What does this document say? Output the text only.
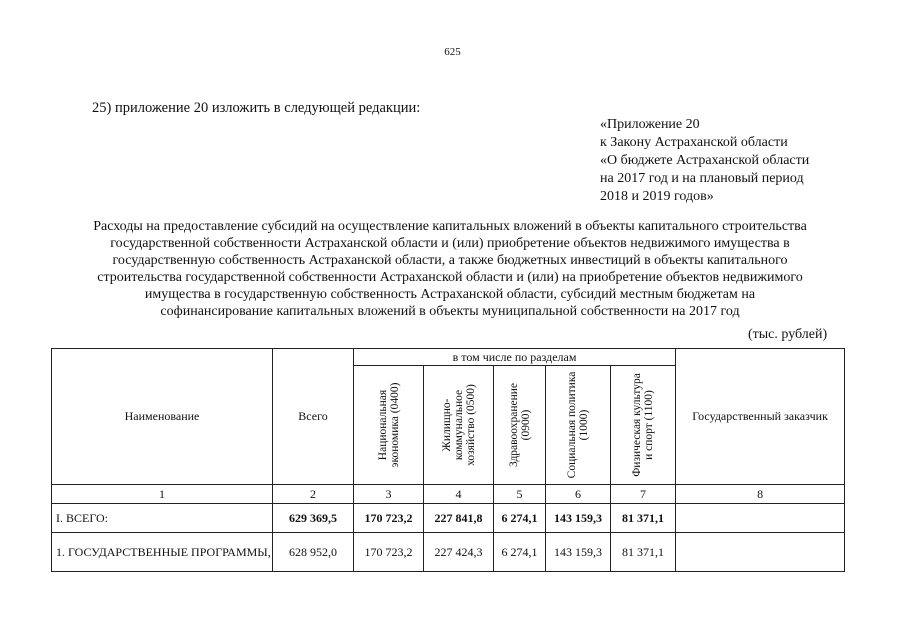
625
25) приложение 20 изложить в следующей редакции:
«Приложение 20
к Закону Астраханской области
«О бюджете Астраханской области
на 2017 год и на плановый период
2018 и 2019 годов»
Расходы на предоставление субсидий на осуществление капитальных вложений в объекты капитального строительства
государственной собственности Астраханской области и (или) приобретение объектов недвижимого имущества в
государственную собственность Астраханской области, а также бюджетных инвестиций в объекты капитального
строительства государственной собственности Астраханской области и (или) на приобретение объектов недвижимого
имущества в государственную собственность Астраханской области, субсидий местным бюджетам на
софинансирование капитальных вложений в объекты муниципальной собственности на 2017 год
(тыс. рублей)
Наименование	Всего	в том числе по разделам					Государственный заказчик

		Национальная экономика (0400)	Жилищно-коммунальное хозяйство (0500)	Здравоохранение (0900)	Социальная политика (1000)	Физическая культура и спорт (1100)	

1	2	3	4	5	6	7	8
I. ВСЕГО:	629 369,5	170 723,2	227 841,8	6 274,1	143 159,3	81 371,1	
1. ГОСУДАРСТВЕННЫЕ ПРОГРАММЫ,	628 952,0	170 723,2	227 424,3	6 274,1	143 159,3	81 371,1	
